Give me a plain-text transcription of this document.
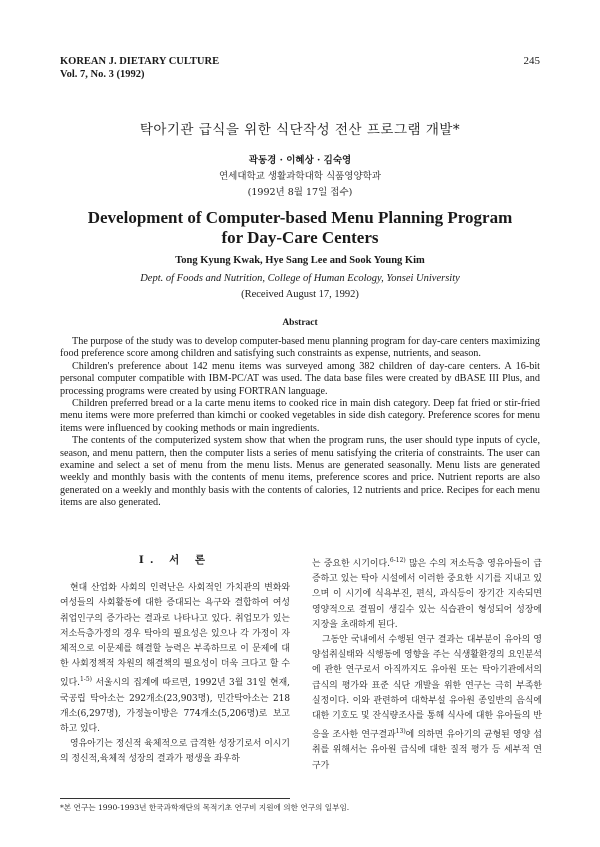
KOREAN J. DIETARY CULTURE
Vol. 7, No. 3 (1992)
245
탁아기관 급식을 위한 식단작성 전산 프로그램 개발*
곽동경 · 이혜상 · 김숙영
연세대학교 생활과학대학 식품영양학과
(1992년 8월 17일 접수)
Development of Computer-based Menu Planning Program
for Day-Care Centers
Tong Kyung Kwak, Hye Sang Lee and Sook Young Kim
Dept. of Foods and Nutrition, College of Human Ecology, Yonsei University
(Received August 17, 1992)
Abstract

The purpose of the study was to develop computer-based menu planning program for day-care centers maximizing food preference score among children and satisfying such constraints as expense, nutrients, and season.

Children's preference about 142 menu items was surveyed among 382 children of day-care centers. A 16-bit personal computer compatible with IBM-PC/AT was used. The data base files were created by dBASE III Plus, and processing programs were created by using FORTRAN language.

Children preferred bread or a la carte menu items to cooked rice in main dish category. Deep fat fried or stir-fried menu items were more preferred than kimchi or cooked vegetables in side dish category. Preference scores for menu items were influenced by cooking methods or main ingredients.

The contents of the computerized system show that when the program runs, the user should type inputs of cycle, season, and menu pattern, then the computer lists a series of menu satisfying the criteria of constraints. The user can examine and select a set of menu from the menu lists. Menus are generated seasonally. Menu lists are generated weekly and monthly basis with the contents of menu items, preference scores and price. Nutrient reports are also generated on a weekly and monthly basis with the contents of calories, 12 nutrients and price. Recipes for each menu items are also generated.

I. 서 론

현대 산업화 사회의 인력난은 사회적인 가치관의 변화와 여성들의 사회활동에 대한 증대되는 욕구와 결합하여 여성 취업인구의 증가라는 결과로 나타나고 있다. 취업모가 있는 저소득층가정의 경우 탁아의 필요성은 있으나 각 가정이 자체적으로 이문제를 해결할 능력은 부족하므로 이 문제에 대한 사회정책적 차원의 해결책의 필요성이 더욱 크다고 할 수 있다.$^{1-5)}$ 서울시의 집계에 따르면, 1992년 3월 31일 현재, 국공립 탁아소는 292개소(23,903명), 민간탁아소는 218개소(6,297명), 가정놀이방은 774개소(5,206명)로 보고하고 있다.

영유아기는 정신적 육체적으로 급격한 성장기로서 이시기의 정신적,육체적 성장의 결과가 평생을 좌우하

는 중요한 시기이다.$^{6-12)}$ 많은 수의 저소득층 영유아들이 급증하고 있는 탁아 시설에서 이러한 중요한 시기를 지내고 있으며 이 시기에 식욕부진, 편식, 과식등이 장기간 지속되면 영양적으로 결핍이 생길수 있는 식습관이 형성되어 성장에 지장을 초래하게 된다.

그동안 국내에서 수행된 연구 결과는 대부분이 유아의 영양섭취실태와 식행동에 영향을 주는 식생활환경의 요인분석에 관한 연구로서 아직까지도 유아원 또는 탁아기관에서의 급식의 평가와 표준 식단 개발을 위한 연구는 극히 부족한 실정이다. 이와 관련하여 대학부설 유아원 종일반의 음식에 대한 기호도 및 잔식량조사를 통해 식사에 대한 유아들의 반응을 조사한 연구결과$^{13)}$에 의하면 유아기의 균형된 영양 섭취를 위해서는 유아원 급식에 대한 질적 평가 등 세부적 연구가

*본 연구는 1990-1993년 한국과학재단의 목적기초 연구비 지원에 의한 연구의 일부임.
